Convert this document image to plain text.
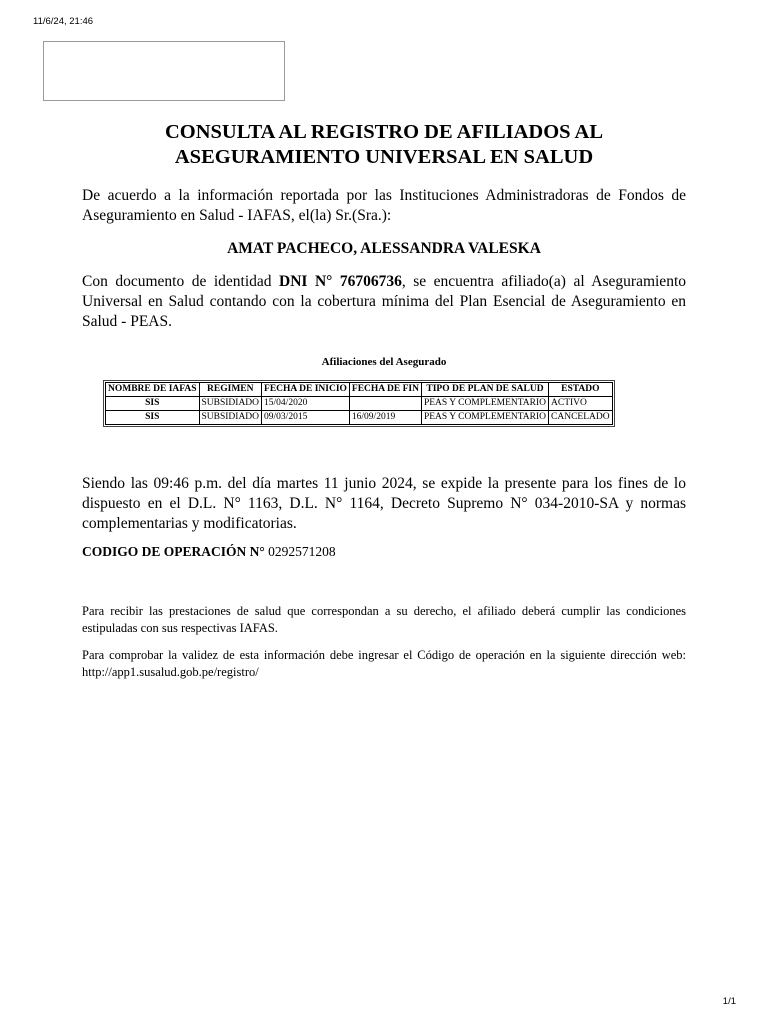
11/6/24, 21:46
CONSULTA AL REGISTRO DE AFILIADOS AL
ASEGURAMIENTO UNIVERSAL EN SALUD
De acuerdo a la información reportada por las Instituciones Administradoras de Fondos de Aseguramiento en Salud - IAFAS, el(la) Sr.(Sra.):
AMAT PACHECO, ALESSANDRA VALESKA
Con documento de identidad DNI N° 76706736, se encuentra afiliado(a) al Aseguramiento Universal en Salud contando con la cobertura mínima del Plan Esencial de Aseguramiento en Salud - PEAS.
Afiliaciones del Asegurado
NOMBRE DE IAFAS	REGIMEN	FECHA DE INICIO	FECHA DE FIN	TIPO DE PLAN DE SALUD	ESTADO
SIS	SUBSIDIADO	15/04/2020		PEAS Y COMPLEMENTARIO	ACTIVO
SIS	SUBSIDIADO	09/03/2015	16/09/2019	PEAS Y COMPLEMENTARIO	CANCELADO
Siendo las 09:46 p.m. del día martes 11 junio 2024, se expide la presente para los fines de lo dispuesto en el D.L. N° 1163, D.L. N° 1164, Decreto Supremo N° 034-2010-SA y normas complementarias y modificatorias.
CODIGO DE OPERACIÓN N° 0292571208
Para recibir las prestaciones de salud que correspondan a su derecho, el afiliado deberá cumplir las condiciones estipuladas con sus respectivas IAFAS.
Para comprobar la validez de esta información debe ingresar el Código de operación en la siguiente dirección web: http://app1.susalud.gob.pe/registro/
1/1
